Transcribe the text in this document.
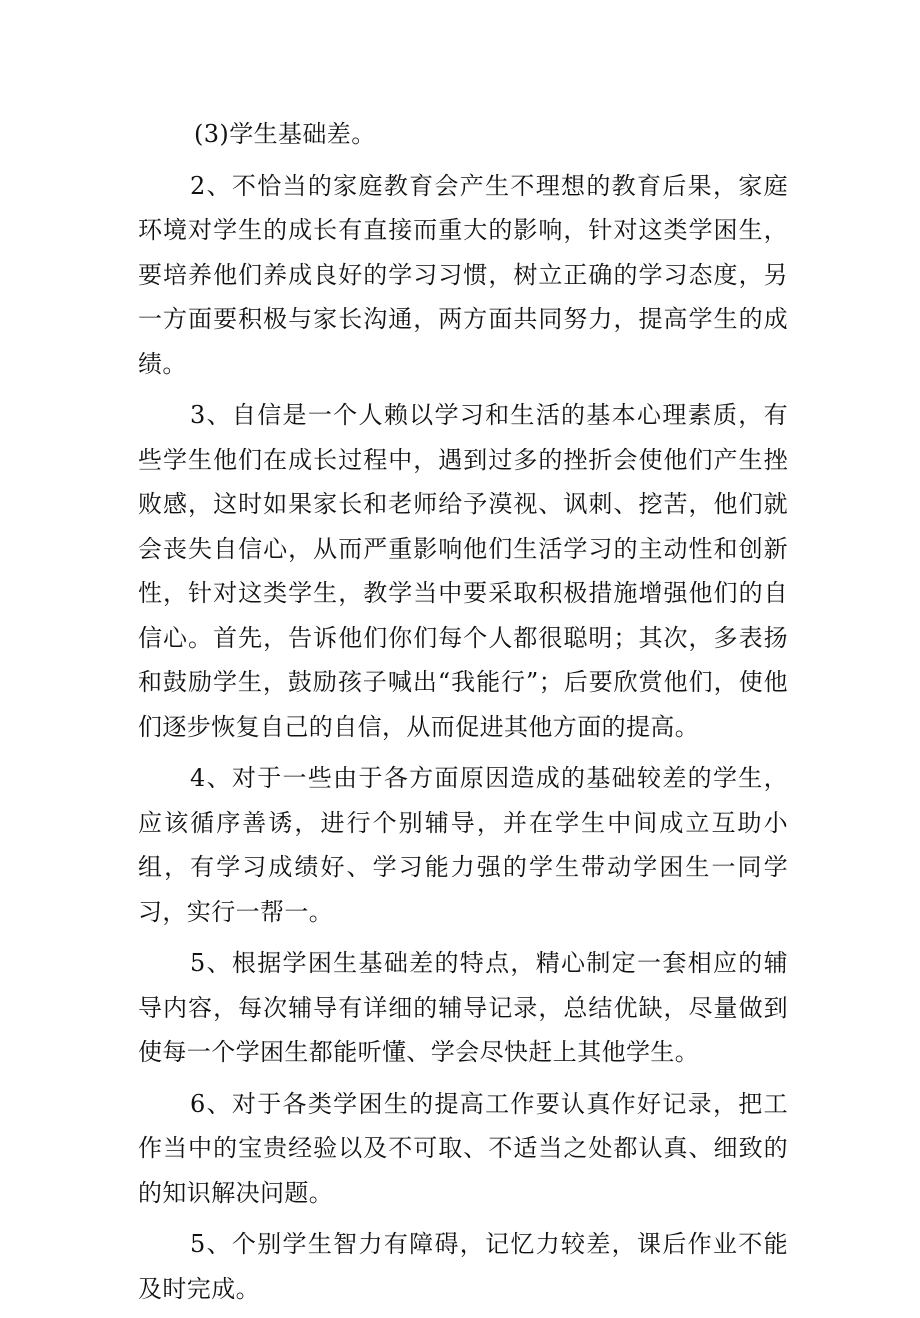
(3)学生基础差。

2、不恰当的家庭教育会产生不理想的教育后果，家庭环境对学生的成长有直接而重大的影响，针对这类学困生，要培养他们养成良好的学习习惯，树立正确的学习态度，另一方面要积极与家长沟通，两方面共同努力，提高学生的成绩。

3、自信是一个人赖以学习和生活的基本心理素质，有些学生他们在成长过程中，遇到过多的挫折会使他们产生挫败感，这时如果家长和老师给予漠视、讽刺、挖苦，他们就会丧失自信心，从而严重影响他们生活学习的主动性和创新性，针对这类学生，教学当中要采取积极措施增强他们的自信心。首先，告诉他们你们每个人都很聪明；其次，多表扬和鼓励学生，鼓励孩子喊出“我能行”；后要欣赏他们，使他们逐步恢复自己的自信，从而促进其他方面的提高。

4、对于一些由于各方面原因造成的基础较差的学生，应该循序善诱，进行个别辅导，并在学生中间成立互助小组，有学习成绩好、学习能力强的学生带动学困生一同学习，实行一帮一。

5、根据学困生基础差的特点，精心制定一套相应的辅导内容，每次辅导有详细的辅导记录，总结优缺，尽量做到使每一个学困生都能听懂、学会尽快赶上其他学生。

6、对于各类学困生的提高工作要认真作好记录，把工作当中的宝贵经验以及不可取、不适当之处都认真、细致的的知识解决问题。

5、个别学生智力有障碍，记忆力较差，课后作业不能及时完成。
